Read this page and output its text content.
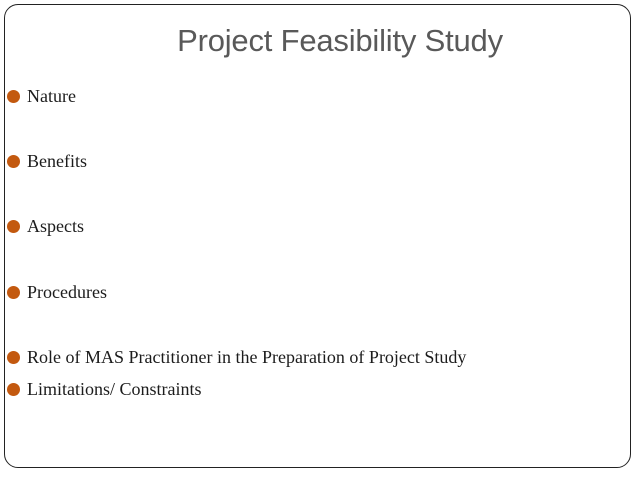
Project Feasibility Study
Nature
Benefits
Aspects
Procedures
Role of MAS Practitioner in the Preparation of Project Study
Limitations/ Constraints
